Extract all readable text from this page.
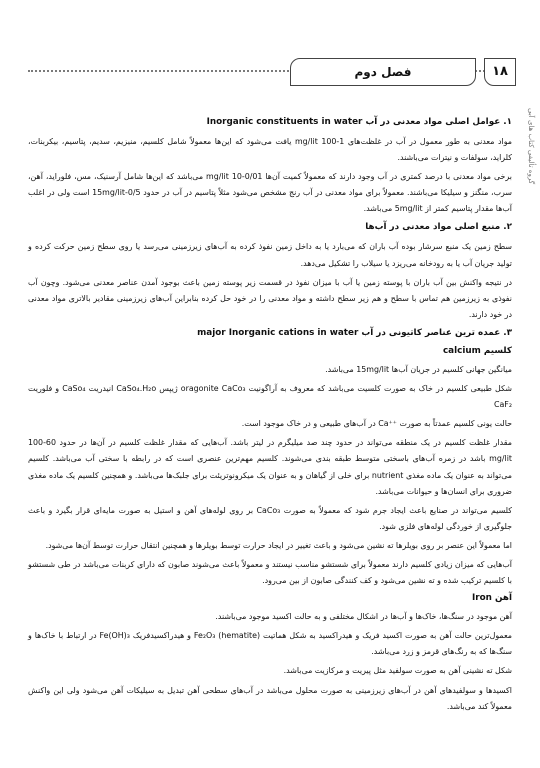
۱۸
فصل دوم
گروه تألیفی کتاب های آبی
۱. عوامل اصلی مواد معدنی در آب Inorganic constituents in water

مواد معدنی به طور معمول در آب در غلظت‌های 1-100 mg/lit یافت می‌شود که این‌ها معمولاً شامل کلسیم، منیزیم، سدیم، پتاسیم، بیکربنات، کلراید، سولفات و نیترات می‌باشند.

برخی مواد معدنی با درصد کمتری در آب وجود دارند که معمولاً کمیت آن‌ها 0/01-10 mg/lit می‌باشد که این‌ها شامل آرسنیک، مس، فلوراید، آهن، سرب، منگنز و سیلیکا می‌باشند. معمولاً برای مواد معدنی در آب رنج مشخص می‌شود مثلاً پتاسیم در آب در حدود 0/5-15mg/lit است ولی در اغلب آب‌ها مقدار پتاسیم کمتر از 5mg/lit می‌باشد.

۲. منبع اصلی مواد معدنی در آب‌ها

سطح زمین یک منبع سرشار بوده آب باران که می‌بارد یا به داخل زمین نفوذ کرده به آب‌های زیرزمینی می‌رسد یا روی سطح زمین حرکت کرده و تولید جریان آب یا به رودخانه می‌ریزد یا سیلاب را تشکیل می‌دهد.

در نتیجه واکنش بین آب باران با پوسته زمین یا آب با میزان نفوذ در قسمت زیر پوسته زمین باعث بوجود آمدن عناصر معدنی می‌شود. وچون آب نفوذی به زیرزمین هم تماس با سطح و هم زیر سطح داشته و مواد معدنی را در خود حل کرده بنابراین آب‌های زیرزمینی مقادیر بالاتری مواد معدنی در خود دارند.

۳. عمده ترین عناصر کاتیونی در آب major Inorganic cations in water
کلسیم calcium

میانگین جهانی کلسیم در جریان آب‌ها 15mg/lit می‌باشد.

شکل طبیعی کلسیم در خاک به صورت کلسیت می‌باشد که معروف به آراگونیت oragonite CaCo₃ ژیپس CaSo₄.H₂o انیدریت CaSo₄ و فلوریت CaF₂

حالت یونی کلسیم عمدتاً به صورت ⁺⁺Ca در آب‌های طبیعی و در خاک موجود است.

مقدار غلظت کلسیم در یک منطقه می‌تواند در حدود چند صد میلیگرم در لیتر باشد. آب‌هایی که مقدار غلظت کلسیم در آن‌ها در حدود 60-100 mg/lit باشد در زمره آب‌های باسختی متوسط طبقه بندی می‌شوند. کلسیم مهم‌ترین عنصری است که در رابطه با سختی آب می‌باشد. کلسیم می‌تواند به عنوان یک ماده مغذی nutrient برای خلی از گیاهان و به عنوان یک میکرونوتریئت برای جلبک‌ها می‌باشد. و همچنین کلسیم یک ماده مغذی ضروری برای انسان‌ها و حیوانات می‌باشد.

کلسیم می‌تواند در صنایع باعث ایجاد جرم شود که معمولاً به صورت CaCo₃ بر روی لوله‌های آهن و استیل به صورت مایه‌ای قرار بگیرد و باعث جلوگیری از خوردگی لوله‌های فلزی شود.

اما معمولاً این عنصر بر روی بویلرها ته نشین می‌شود و باعث تغییر در ایجاد حرارت توسط بویلرها و همچنین انتقال حرارت توسط آن‌ها می‌شود.

آب‌هایی که میزان زیادی کلسیم دارند معمولاً برای شستشو مناسب نیستند و معمولاً باعث می‌شوند صابون که دارای کربنات می‌باشد در طی شستشو با کلسیم ترکیب شده و ته نشین می‌شود و کف کنندگی صابون از بین می‌رود.

آهن Iron

آهن موجود در سنگ‌ها، خاک‌ها و آب‌ها در اشکال مختلفی و به حالت اکسید موجود می‌باشند.

معمول‌ترین حالت آهن به صورت اکسید فریک و هیدراکسید به شکل هماتیت (hematite) Fe₂O₃ و هیدراکسیدفریک Fe(OH)₃ در ارتباط با خاک‌ها و سنگ‌ها که به رنگ‌های قرمز و زرد می‌باشد.

شکل ته نشینی آهن به صورت سولفید مثل پیریت و مرکازیت می‌باشد.

اکسیدها و سولفیدهای آهن در آب‌های زیرزمینی به صورت محلول می‌باشد در آب‌های سطحی آهن تبدیل به سیلیکات آهن می‌شود ولی این واکنش معمولاً کند می‌باشد.
